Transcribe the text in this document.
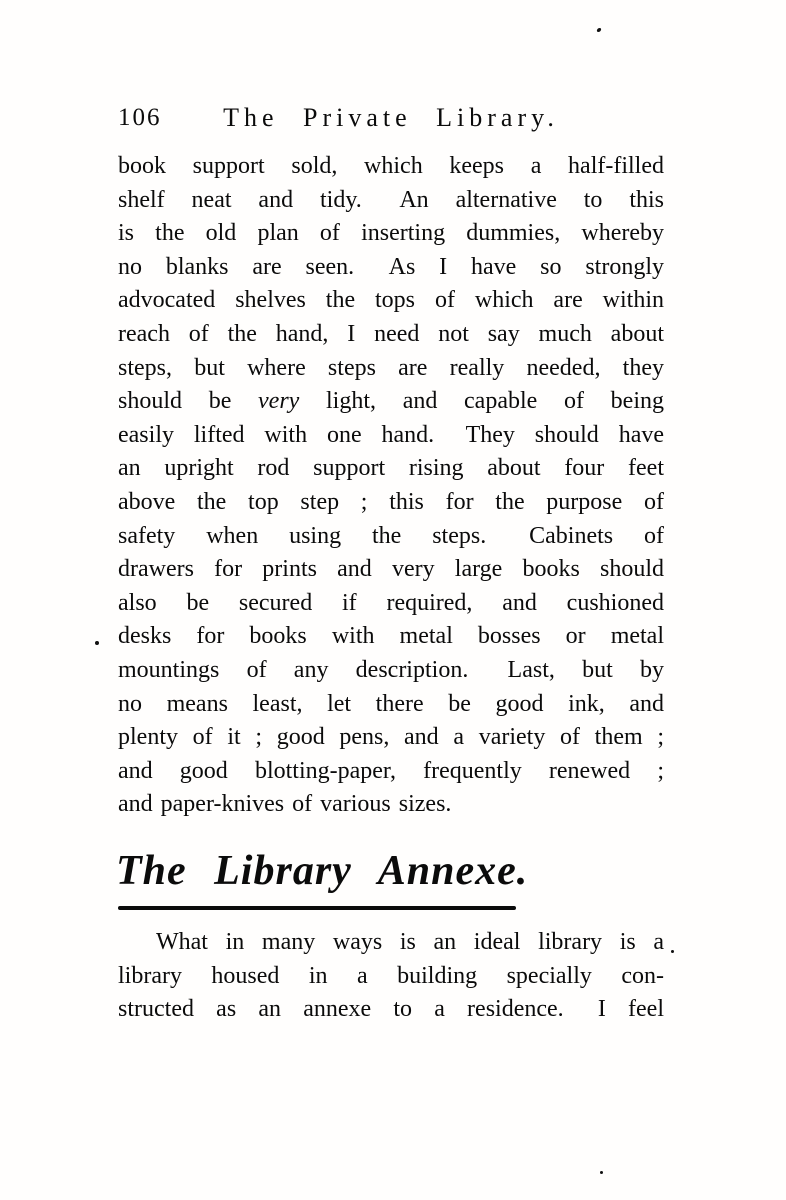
106	The Private Library.
book support sold, which keeps a half-filled
shelf neat and tidy.  An alternative to this
is the old plan of inserting dummies, whereby
no blanks are seen.  As I have so strongly
advocated shelves the tops of which are within
reach of the hand, I need not say much about
steps, but where steps are really needed, they
should be very light, and capable of being
easily lifted with one hand.  They should have
an upright rod support rising about four feet
above the top step ; this for the purpose of
safety when using the steps.  Cabinets of
drawers for prints and very large books should
also be secured if required, and cushioned
desks for books with metal bosses or metal
mountings of any description.  Last, but by
no means least, let there be good ink, and
plenty of it ; good pens, and a variety of them ;
and good blotting-paper, frequently renewed ;
and paper-knives of various sizes.
The Library Annexe.
What in many ways is an ideal library is a
library housed in a building specially con-
structed as an annexe to a residence.  I feel
